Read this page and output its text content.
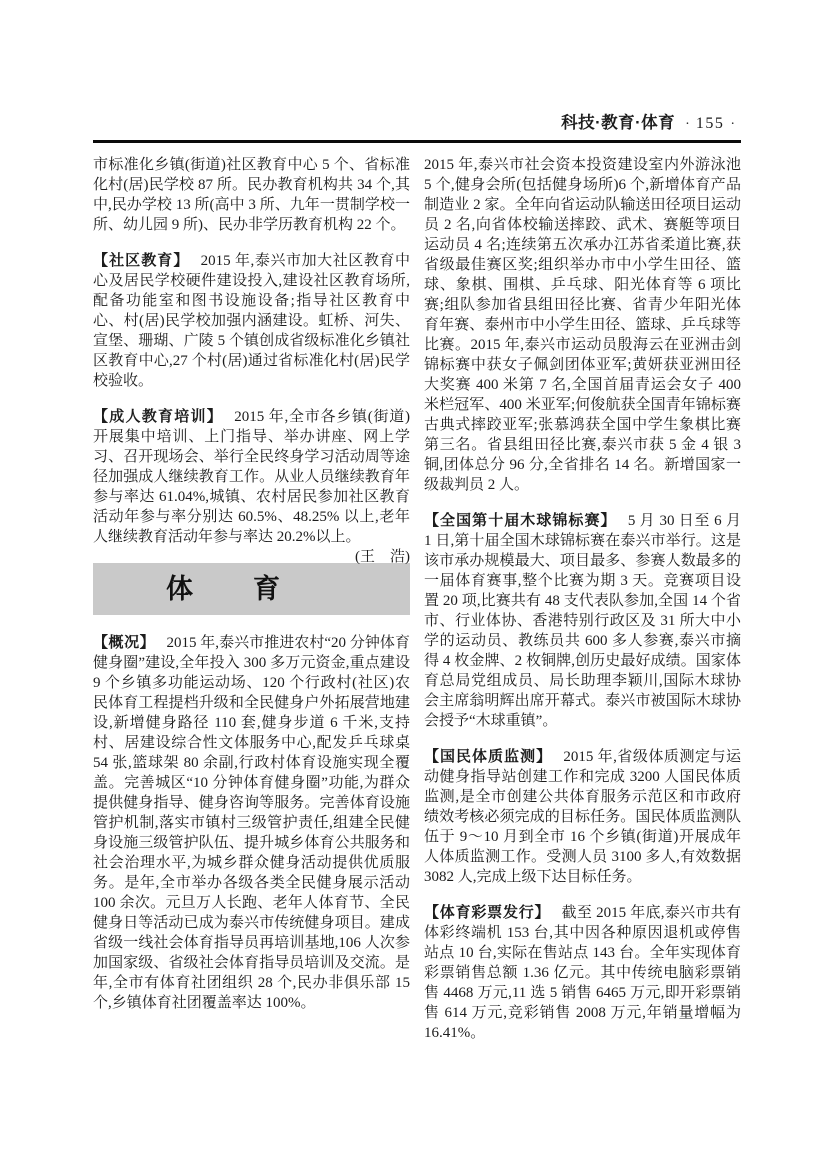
科技·教育·体育 · 155 ·

市标准化乡镇(街道)社区教育中心 5 个、省标准化村(居)民学校 87 所。民办教育机构共 34 个,其中,民办学校 13 所(高中 3 所、九年一贯制学校一所、幼儿园 9 所)、民办非学历教育机构 22 个。

【社区教育】 2015 年,泰兴市加大社区教育中心及居民学校硬件建设投入,建设社区教育场所,配备功能室和图书设施设备;指导社区教育中心、村(居)民学校加强内涵建设。虹桥、河失、宣堡、珊瑚、广陵 5 个镇创成省级标准化乡镇社区教育中心,27 个村(居)通过省标准化村(居)民学校验收。

【成人教育培训】 2015 年,全市各乡镇(街道)开展集中培训、上门指导、举办讲座、网上学习、召开现场会、举行全民终身学习活动周等途径加强成人继续教育工作。从业人员继续教育年参与率达 61.04%,城镇、农村居民参加社区教育活动年参与率分别达 60.5%、48.25% 以上,老年人继续教育活动年参与率达 20.2%以上。
(王　浩)

体　　育

【概况】 2015 年,泰兴市推进农村“20 分钟体育健身圈”建设,全年投入 300 多万元资金,重点建设 9 个乡镇多功能运动场、120 个行政村(社区)农民体育工程提档升级和全民健身户外拓展营地建设,新增健身路径 110 套,健身步道 6 千米,支持村、居建设综合性文体服务中心,配发乒乓球桌 54 张,篮球架 80 余副,行政村体育设施实现全覆盖。完善城区“10 分钟体育健身圈”功能,为群众提供健身指导、健身咨询等服务。完善体育设施管护机制,落实市镇村三级管护责任,组建全民健身设施三级管护队伍、提升城乡体育公共服务和社会治理水平,为城乡群众健身活动提供优质服务。是年,全市举办各级各类全民健身展示活动 100 余次。元旦万人长跑、老年人体育节、全民健身日等活动已成为泰兴市传统健身项目。建成省级一线社会体育指导员再培训基地,106 人次参加国家级、省级社会体育指导员培训及交流。是年,全市有体育社团组织 28 个,民办非俱乐部 15 个,乡镇体育社团覆盖率达 100%。

2015 年,泰兴市社会资本投资建设室内外游泳池 5 个,健身会所(包括健身场所)6 个,新增体育产品制造业 2 家。全年向省运动队输送田径项目运动员 2 名,向省体校输送摔跤、武术、赛艇等项目运动员 4 名;连续第五次承办江苏省柔道比赛,获省级最佳赛区奖;组织举办市中小学生田径、篮球、象棋、围棋、乒乓球、阳光体育等 6 项比赛;组队参加省县组田径比赛、省青少年阳光体育年赛、泰州市中小学生田径、篮球、乒乓球等比赛。2015 年,泰兴市运动员殷海云在亚洲击剑锦标赛中获女子佩剑团体亚军;黄妍获亚洲田径大奖赛 400 米第 7 名,全国首届青运会女子 400 米栏冠军、400 米亚军;何俊航获全国青年锦标赛古典式摔跤亚军;张慕鸿获全国中学生象棋比赛第三名。省县组田径比赛,泰兴市获 5 金 4 银 3 铜,团体总分 96 分,全省排名 14 名。新增国家一级裁判员 2 人。

【全国第十届木球锦标赛】 5 月 30 日至 6 月 1 日,第十届全国木球锦标赛在泰兴市举行。这是该市承办规模最大、项目最多、参赛人数最多的一届体育赛事,整个比赛为期 3 天。竞赛项目设置 20 项,比赛共有 48 支代表队参加,全国 14 个省市、行业体协、香港特别行政区及 31 所大中小学的运动员、教练员共 600 多人参赛,泰兴市摘得 4 枚金牌、2 枚铜牌,创历史最好成绩。国家体育总局党组成员、局长助理李颖川,国际木球协会主席翁明辉出席开幕式。泰兴市被国际木球协会授予“木球重镇”。

【国民体质监测】 2015 年,省级体质测定与运动健身指导站创建工作和完成 3200 人国民体质监测,是全市创建公共体育服务示范区和市政府绩效考核必须完成的目标任务。国民体质监测队伍于 9～10 月到全市 16 个乡镇(街道)开展成年人体质监测工作。受测人员 3100 多人,有效数据 3082 人,完成上级下达目标任务。

【体育彩票发行】 截至 2015 年底,泰兴市共有体彩终端机 153 台,其中因各种原因退机或停售站点 10 台,实际在售站点 143 台。全年实现体育彩票销售总额 1.36 亿元。其中传统电脑彩票销售 4468 万元,11 选 5 销售 6465 万元,即开彩票销售 614 万元,竞彩销售 2008 万元,年销量增幅为 16.41%。
